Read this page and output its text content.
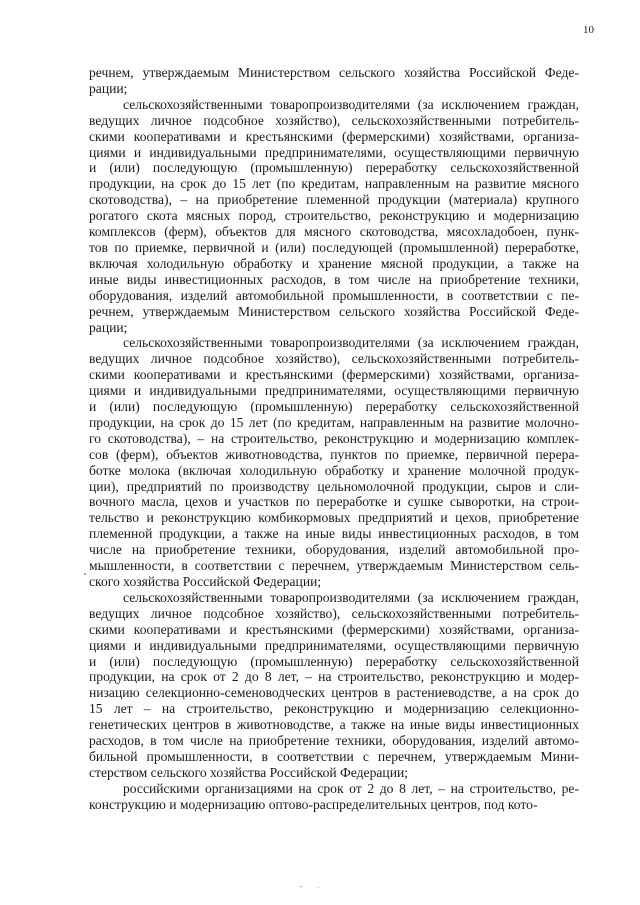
10
речнем, утверждаемым Министерством сельского хозяйства Российской Феде-
рации;
сельскохозяйственными товаропроизводителями (за исключением граждан,
ведущих личное подсобное хозяйство), сельскохозяйственными потребитель-
скими кооперативами и крестьянскими (фермерскими) хозяйствами, организа-
циями и индивидуальными предпринимателями, осуществляющими первичную
и (или) последующую (промышленную) переработку сельскохозяйственной
продукции, на срок до 15 лет (по кредитам, направленным на развитие мясного
скотоводства), – на приобретение племенной продукции (материала) крупного
рогатого скота мясных пород, строительство, реконструкцию и модернизацию
комплексов (ферм), объектов для мясного скотоводства, мясохладобоен, пунк-
тов по приемке, первичной и (или) последующей (промышленной) переработке,
включая холодильную обработку и хранение мясной продукции, а также на
иные виды инвестиционных расходов, в том числе на приобретение техники,
оборудования, изделий автомобильной промышленности, в соответствии с пе-
речнем, утверждаемым Министерством сельского хозяйства Российской Феде-
рации;
сельскохозяйственными товаропроизводителями (за исключением граждан,
ведущих личное подсобное хозяйство), сельскохозяйственными потребитель-
скими кооперативами и крестьянскими (фермерскими) хозяйствами, организа-
циями и индивидуальными предпринимателями, осуществляющими первичную
и (или) последующую (промышленную) переработку сельскохозяйственной
продукции, на срок до 15 лет (по кредитам, направленным на развитие молочно-
го скотоводства), – на строительство, реконструкцию и модернизацию комплек-
сов (ферм), объектов животноводства, пунктов по приемке, первичной перера-
ботке молока (включая холодильную обработку и хранение молочной продук-
ции), предприятий по производству цельномолочной продукции, сыров и сли-
вочного масла, цехов и участков по переработке и сушке сыворотки, на строи-
тельство и реконструкцию комбикормовых предприятий и цехов, приобретение
племенной продукции, а также на иные виды инвестиционных расходов, в том
числе на приобретение техники, оборудования, изделий автомобильной про-
мышленности, в соответствии с перечнем, утверждаемым Министерством сель-
ского хозяйства Российской Федерации;
сельскохозяйственными товаропроизводителями (за исключением граждан,
ведущих личное подсобное хозяйство), сельскохозяйственными потребитель-
скими кооперативами и крестьянскими (фермерскими) хозяйствами, организа-
циями и индивидуальными предпринимателями, осуществляющими первичную
и (или) последующую (промышленную) переработку сельскохозяйственной
продукции, на срок от 2 до 8 лет, – на строительство, реконструкцию и модер-
низацию селекционно-семеноводческих центров в растениеводстве, а на срок до
15 лет – на строительство, реконструкцию и модернизацию селекционно-
генетических центров в животноводстве, а также на иные виды инвестиционных
расходов, в том числе на приобретение техники, оборудования, изделий автомо-
бильной промышленности, в соответствии с перечнем, утверждаемым Мини-
стерством сельского хозяйства Российской Федерации;
российскими организациями на срок от 2 до 8 лет, – на строительство, ре-
конструкцию и модернизацию оптово-распределительных центров, под кото-
